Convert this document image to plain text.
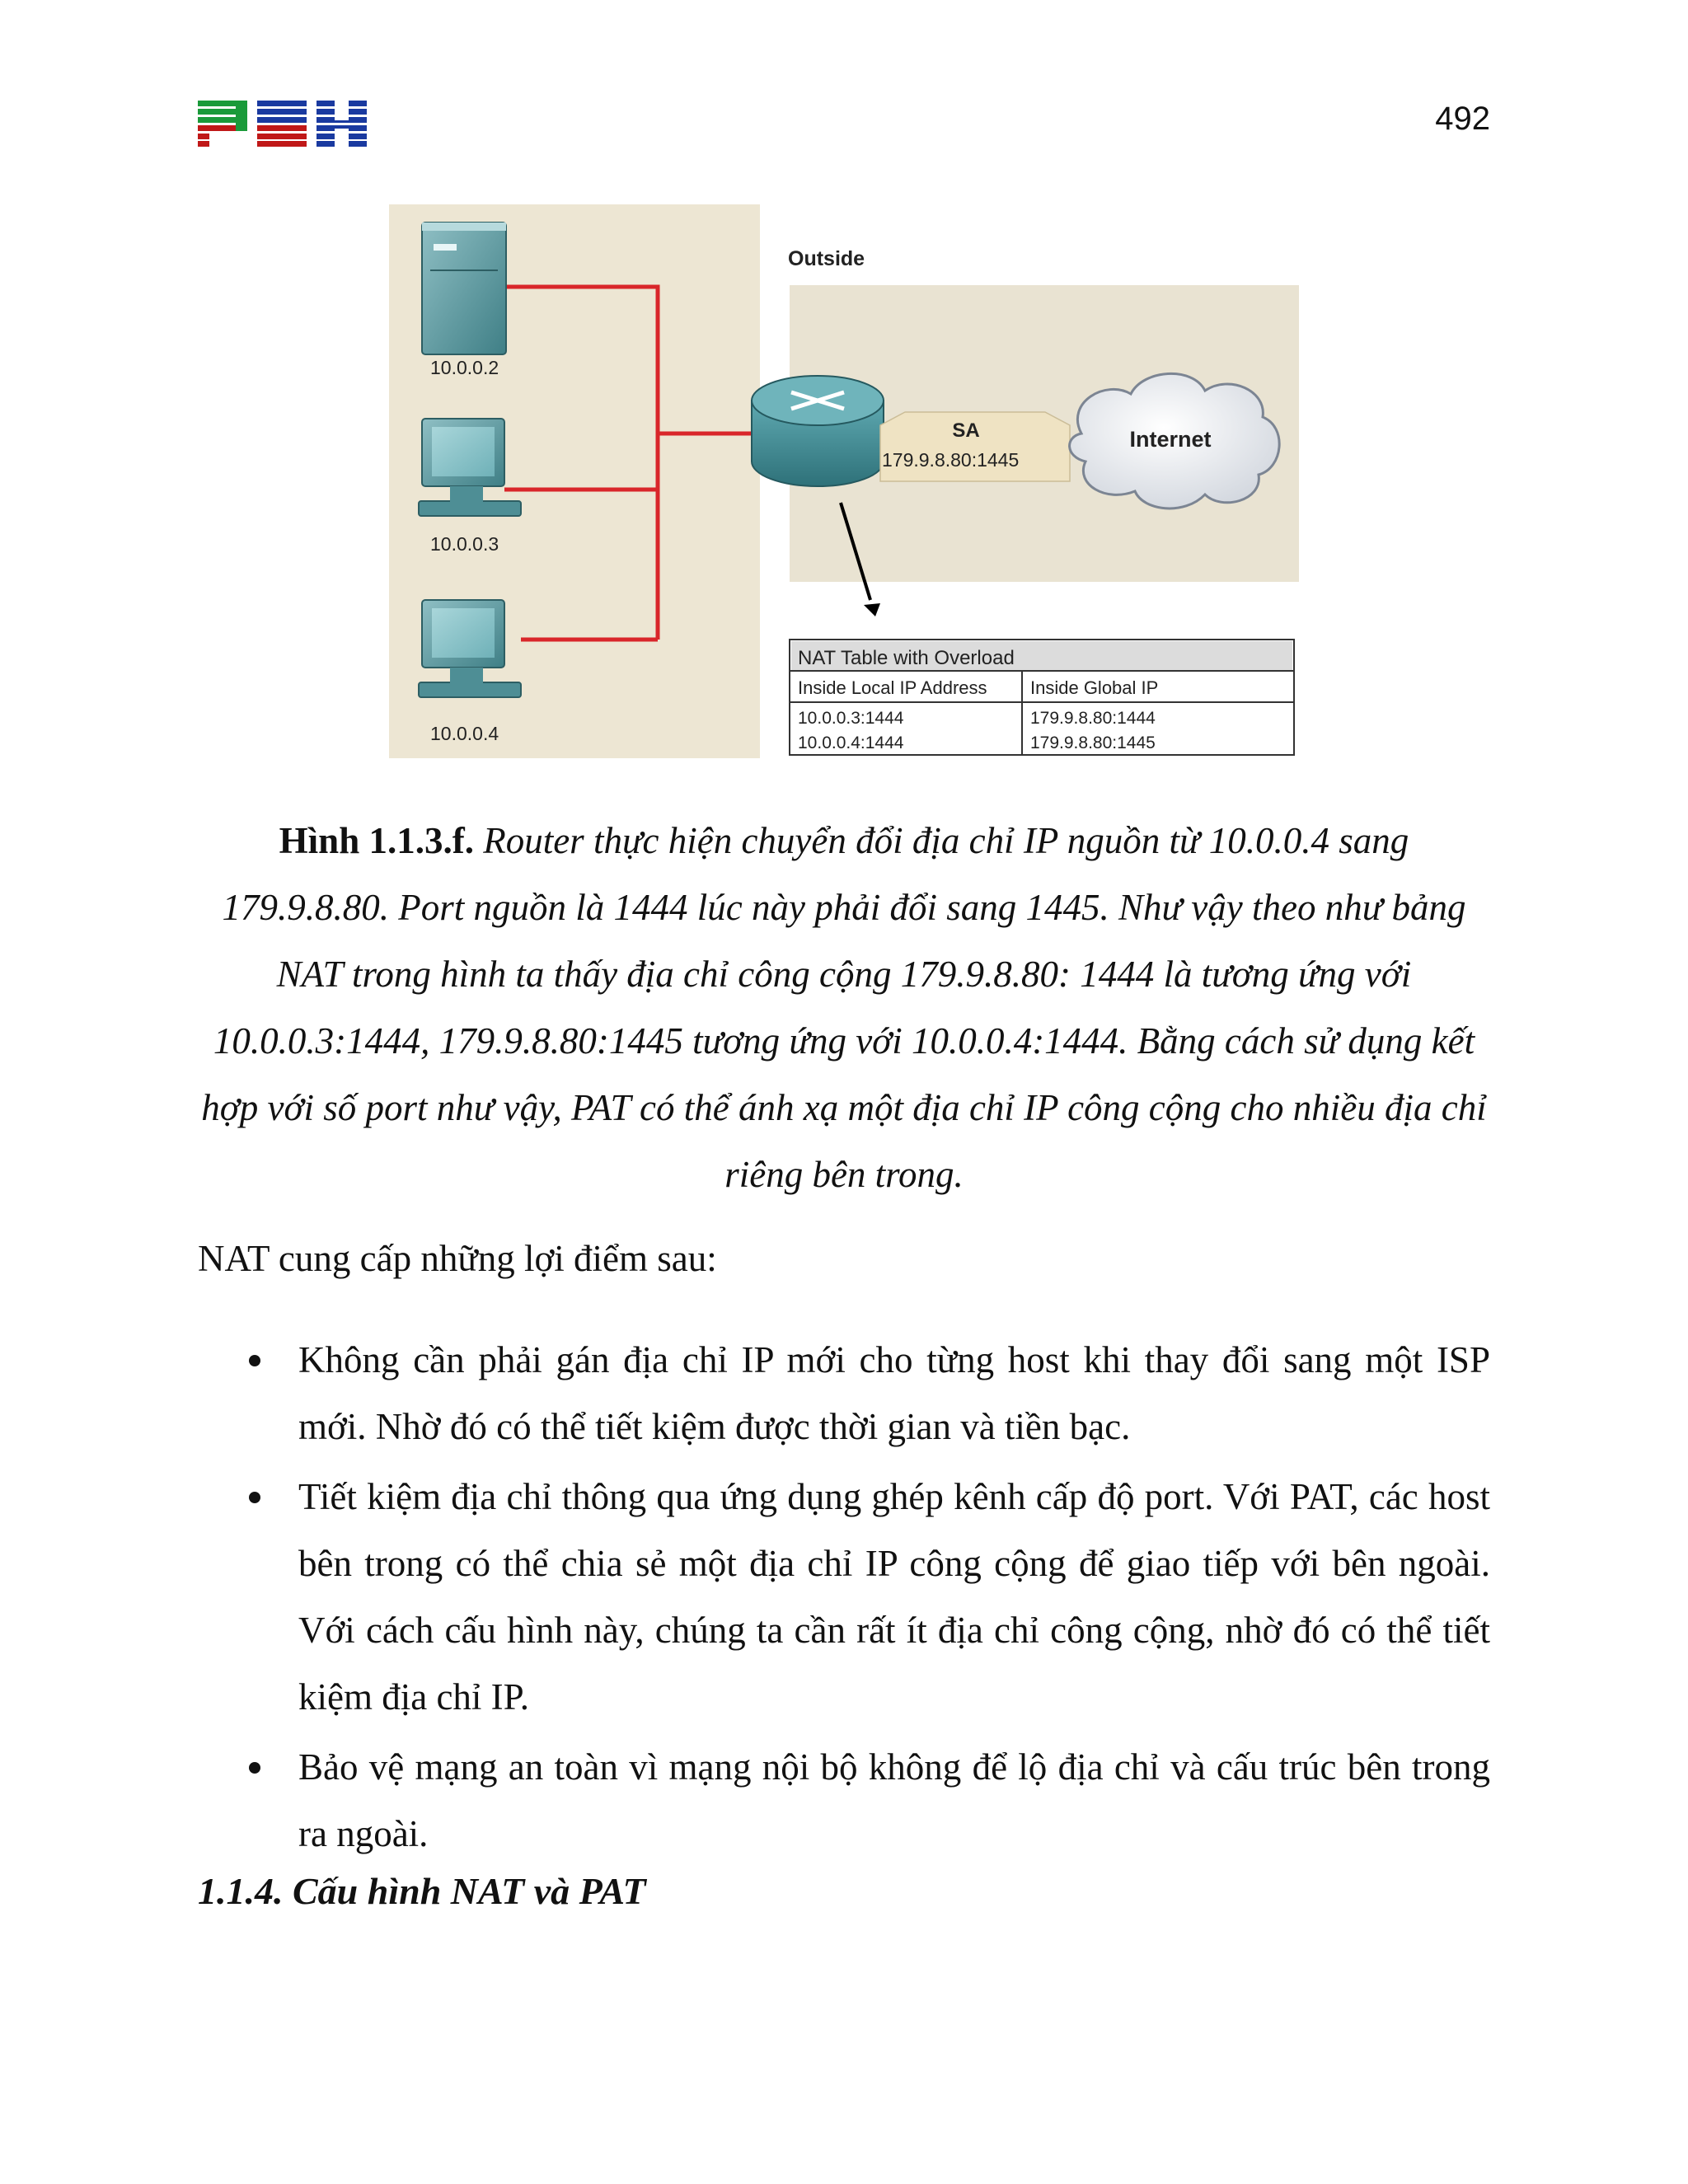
492
Outside
10.0.0.2
10.0.0.3
10.0.0.4
SA
179.9.8.80:1445
Internet
NAT Table with Overload
Inside Local IP Address Inside Global IP
10.0.0.3:1444	179.9.8.80:1444
10.0.0.4:1444	179.9.8.80:1445
Hình 1.1.3.f. Router thực hiện chuyển đổi địa chỉ IP nguồn từ 10.0.0.4 sang 179.9.8.80. Port nguồn là 1444 lúc này phải đổi sang 1445. Như vậy theo như bảng NAT trong hình ta thấy địa chỉ công cộng 179.9.8.80: 1444 là tương ứng với 10.0.0.3:1444, 179.9.8.80:1445 tương ứng với 10.0.0.4:1444. Bằng cách sử dụng kết hợp với số port như vậy, PAT có thể ánh xạ một địa chỉ IP công cộng cho nhiều địa chỉ riêng bên trong.
NAT cung cấp những lợi điểm sau:
Không cần phải gán địa chỉ IP mới cho từng host khi thay đổi sang một ISP mới. Nhờ đó có thể tiết kiệm được thời gian và tiền bạc.
Tiết kiệm địa chỉ thông qua ứng dụng ghép kênh cấp độ port. Với PAT, các host bên trong có thể chia sẻ một địa chỉ IP công cộng để giao tiếp với bên ngoài. Với cách cấu hình này, chúng ta cần rất ít địa chỉ công cộng, nhờ đó có thể tiết kiệm địa chỉ IP.
Bảo vệ mạng an toàn vì mạng nội bộ không để lộ địa chỉ và cấu trúc bên trong ra ngoài.
1.1.4. Cấu hình NAT và PAT
